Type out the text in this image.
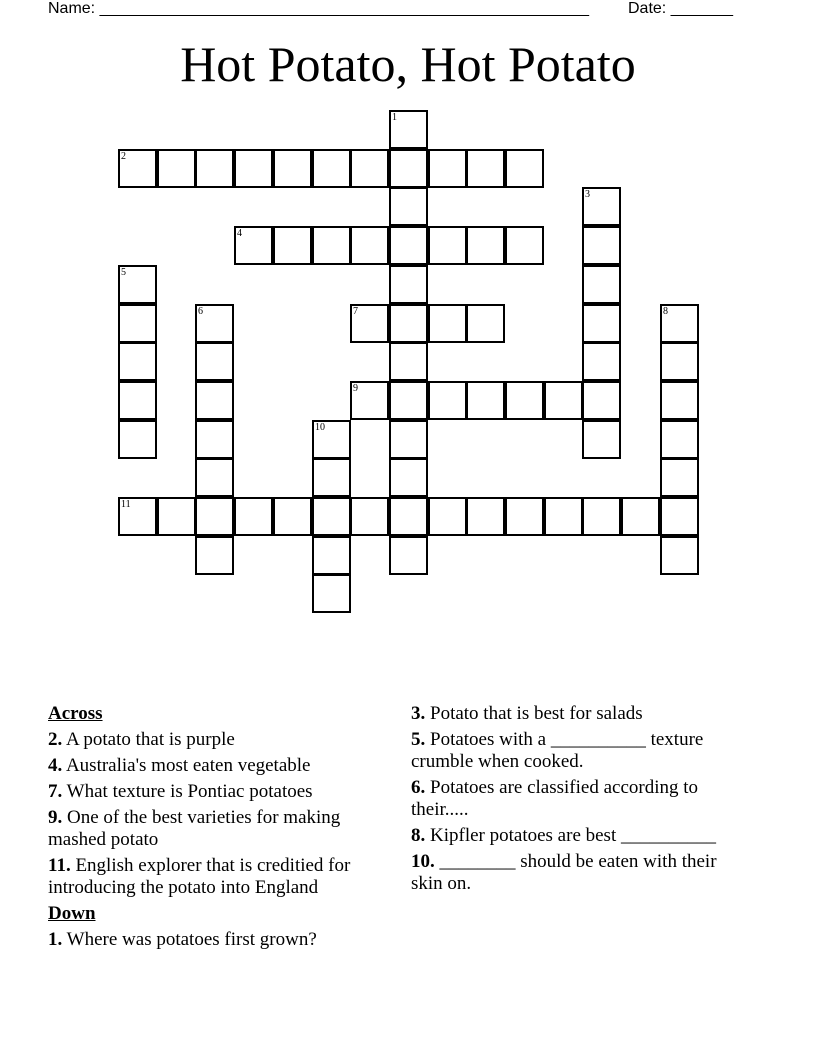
Name: _______________________________________________________ Date: _______
Hot Potato, Hot Potato
1
2
3
4
5
6	7	8
9
10
11
Across
2. A potato that is purple
4. Australia's most eaten vegetable
7. What texture is Pontiac potatoes
9. One of the best varieties for making mashed potato
11. English explorer that is creditied for introducing the potato into England
Down
1. Where was potatoes first grown?
3. Potato that is best for salads
5. Potatoes with a __________ texture crumble when cooked.
6. Potatoes are classified according to their.....
8. Kipfler potatoes are best __________
10. ________ should be eaten with their skin on.
